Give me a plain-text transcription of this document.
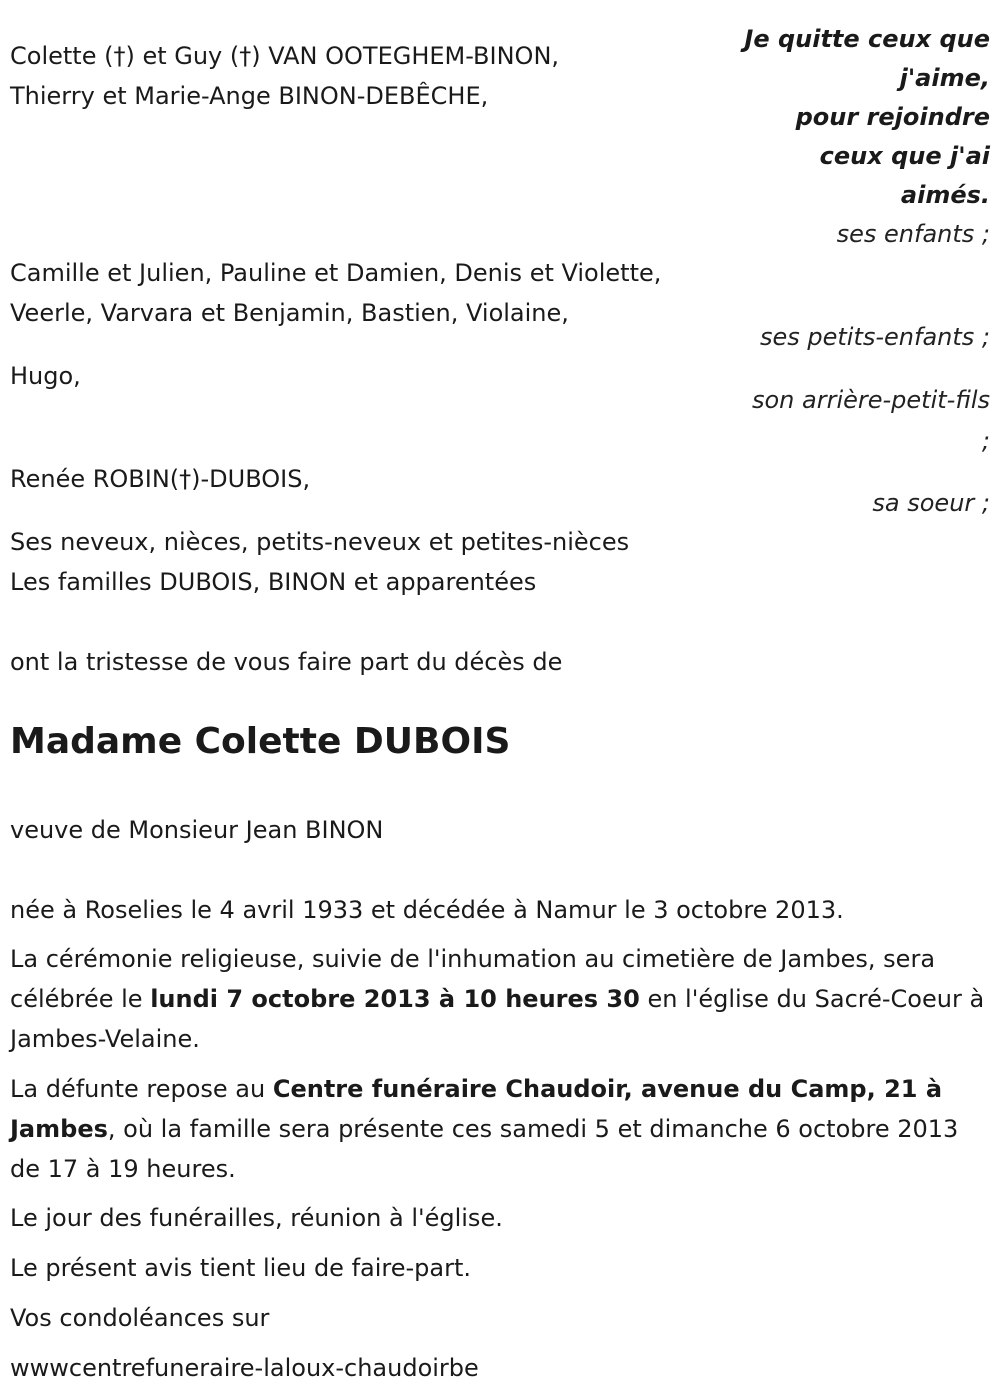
Je quitte ceux que
j'aime,
pour rejoindre
ceux que j'ai
aimés.

Colette (†) et Guy (†) VAN OOTEGHEM-BINON,

Thierry et Marie-Ange BINON-DEBÊCHE,

ses enfants ;

Camille et Julien, Pauline et Damien, Denis et Violette,

Veerle, Varvara et Benjamin, Bastien, Violaine,

ses petits-enfants ;

Hugo,

son arrière-petit-fils

;

Renée ROBIN(†)-DUBOIS,

sa soeur ;

Ses neveux, nièces, petits-neveux et petites-nièces

Les familles DUBOIS, BINON et apparentées

ont la tristesse de vous faire part du décès de

Madame Colette DUBOIS

veuve de Monsieur Jean BINON

née à Roselies le 4 avril 1933 et décédée à Namur le 3 octobre 2013.

La cérémonie religieuse, suivie de l'inhumation au cimetière de Jambes, sera célébrée le lundi 7 octobre 2013 à 10 heures 30 en l'église du Sacré-Coeur à Jambes-Velaine.

La défunte repose au Centre funéraire Chaudoir, avenue du Camp, 21 à Jambes, où la famille sera présente ces samedi 5 et dimanche 6 octobre 2013 de 17 à 19 heures.

Le jour des funérailles, réunion à l'église.

Le présent avis tient lieu de faire-part.

Vos condoléances sur

wwwcentrefuneraire-laloux-chaudoirbe
